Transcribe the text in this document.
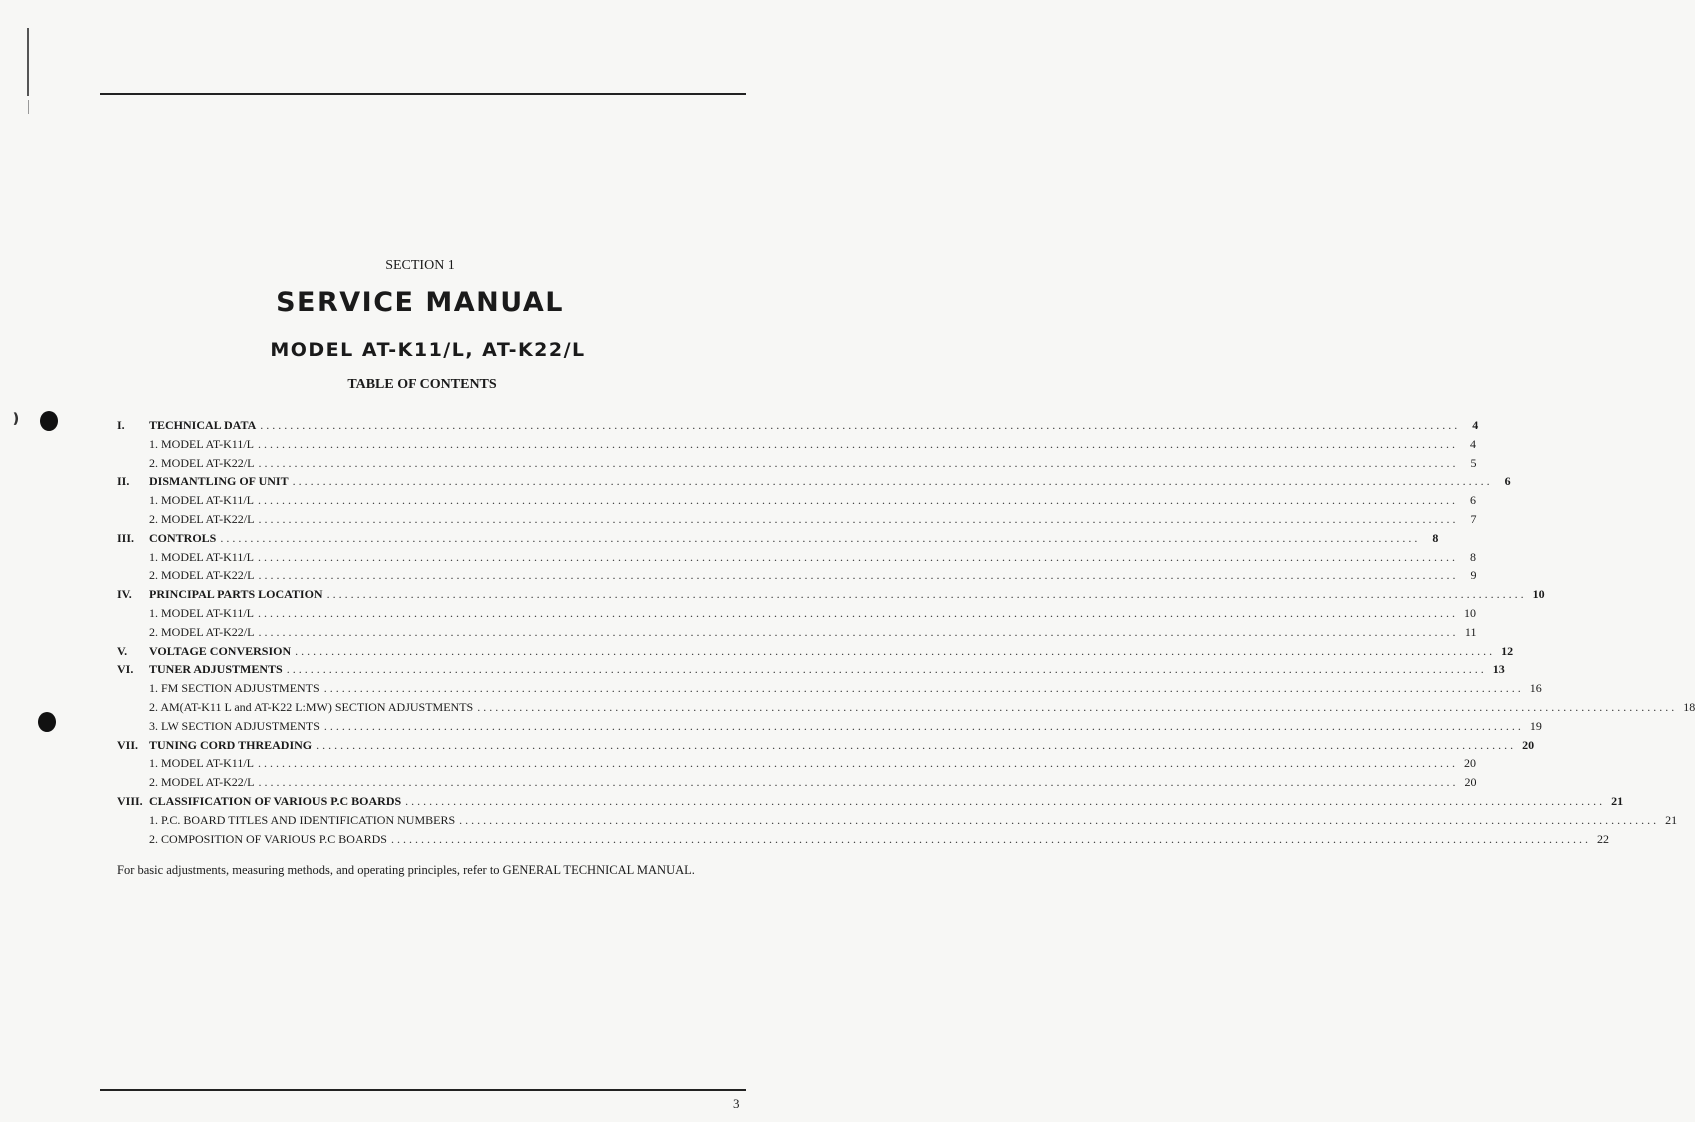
❫
SECTION 1
SERVICE MANUAL
MODEL AT-K11/L, AT-K22/L
TABLE OF CONTENTS
I.	TECHNICAL DATA ........................................................................................................................................................................................................	4
1. MODEL AT-K11/L ........................................................................................................................................................................................................	4
2. MODEL AT-K22/L ........................................................................................................................................................................................................	5
II.	DISMANTLING OF UNIT ........................................................................................................................................................................................................	6
1. MODEL AT-K11/L ........................................................................................................................................................................................................	6
2. MODEL AT-K22/L ........................................................................................................................................................................................................	7
III.	CONTROLS ........................................................................................................................................................................................................	8
1. MODEL AT-K11/L ........................................................................................................................................................................................................	8
2. MODEL AT-K22/L ........................................................................................................................................................................................................	9
IV.	PRINCIPAL PARTS LOCATION ........................................................................................................................................................................................................ 10
1. MODEL AT-K11/L ........................................................................................................................................................................................................ 10
2. MODEL AT-K22/L ........................................................................................................................................................................................................ 11
V.	VOLTAGE CONVERSION ........................................................................................................................................................................................................ 12
VI.	TUNER ADJUSTMENTS ........................................................................................................................................................................................................ 13
1. FM SECTION ADJUSTMENTS ........................................................................................................................................................................................................ 16
2. AM(AT-K11 L and AT-K22 L:MW) SECTION ADJUSTMENTS ........................................................................................................................................................................................................ 18
3. LW SECTION ADJUSTMENTS ........................................................................................................................................................................................................ 19
VII. TUNING CORD THREADING ........................................................................................................................................................................................................ 20
1. MODEL AT-K11/L ........................................................................................................................................................................................................ 20
2. MODEL AT-K22/L ........................................................................................................................................................................................................ 20
VIII. CLASSIFICATION OF VARIOUS P.C BOARDS ........................................................................................................................................................................................................ 21
1. P.C. BOARD TITLES AND IDENTIFICATION NUMBERS ........................................................................................................................................................................................................ 21
2. COMPOSITION OF VARIOUS P.C BOARDS ........................................................................................................................................................................................................ 22
For basic adjustments, measuring methods, and operating principles, refer to GENERAL TECHNICAL MANUAL.
3
